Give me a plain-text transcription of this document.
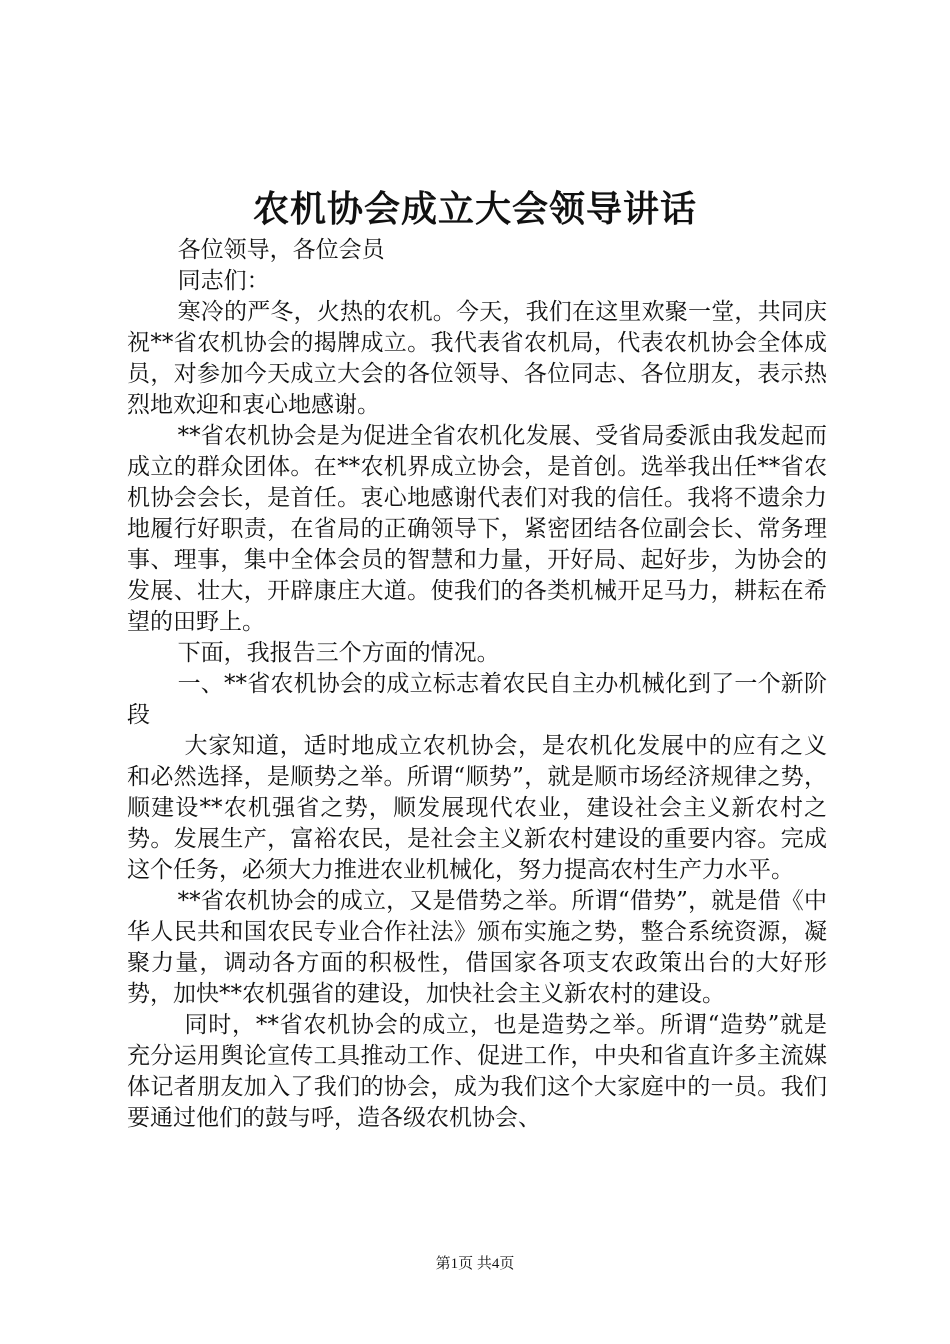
农机协会成立大会领导讲话

各位领导，各位会员

同志们：

寒冷的严冬，火热的农机。今天，我们在这里欢聚一堂，共同庆祝**省农机协会的揭牌成立。我代表省农机局，代表农机协会全体成员，对参加今天成立大会的各位领导、各位同志、各位朋友，表示热烈地欢迎和衷心地感谢。

**省农机协会是为促进全省农机化发展、受省局委派由我发起而成立的群众团体。在**农机界成立协会，是首创。选举我出任**省农机协会会长，是首任。衷心地感谢代表们对我的信任。我将不遗余力地履行好职责，在省局的正确领导下，紧密团结各位副会长、常务理事、理事，集中全体会员的智慧和力量，开好局、起好步，为协会的发展、壮大，开辟康庄大道。使我们的各类机械开足马力，耕耘在希望的田野上。

下面，我报告三个方面的情况。

一、**省农机协会的成立标志着农民自主办机械化到了一个新阶段

大家知道，适时地成立农机协会，是农机化发展中的应有之义和必然选择，是顺势之举。所谓“顺势”，就是顺市场经济规律之势，顺建设**农机强省之势，顺发展现代农业，建设社会主义新农村之势。发展生产，富裕农民，是社会主义新农村建设的重要内容。完成这个任务，必须大力推进农业机械化，努力提高农村生产力水平。

**省农机协会的成立，又是借势之举。所谓“借势”，就是借《中华人民共和国农民专业合作社法》颁布实施之势，整合系统资源，凝聚力量，调动各方面的积极性，借国家各项支农政策出台的大好形势，加快**农机强省的建设，加快社会主义新农村的建设。

同时，**省农机协会的成立，也是造势之举。所谓“造势”就是充分运用舆论宣传工具推动工作、促进工作，中央和省直许多主流媒体记者朋友加入了我们的协会，成为我们这个大家庭中的一员。我们要通过他们的鼓与呼，造各级农机协会、

第1页 共4页
